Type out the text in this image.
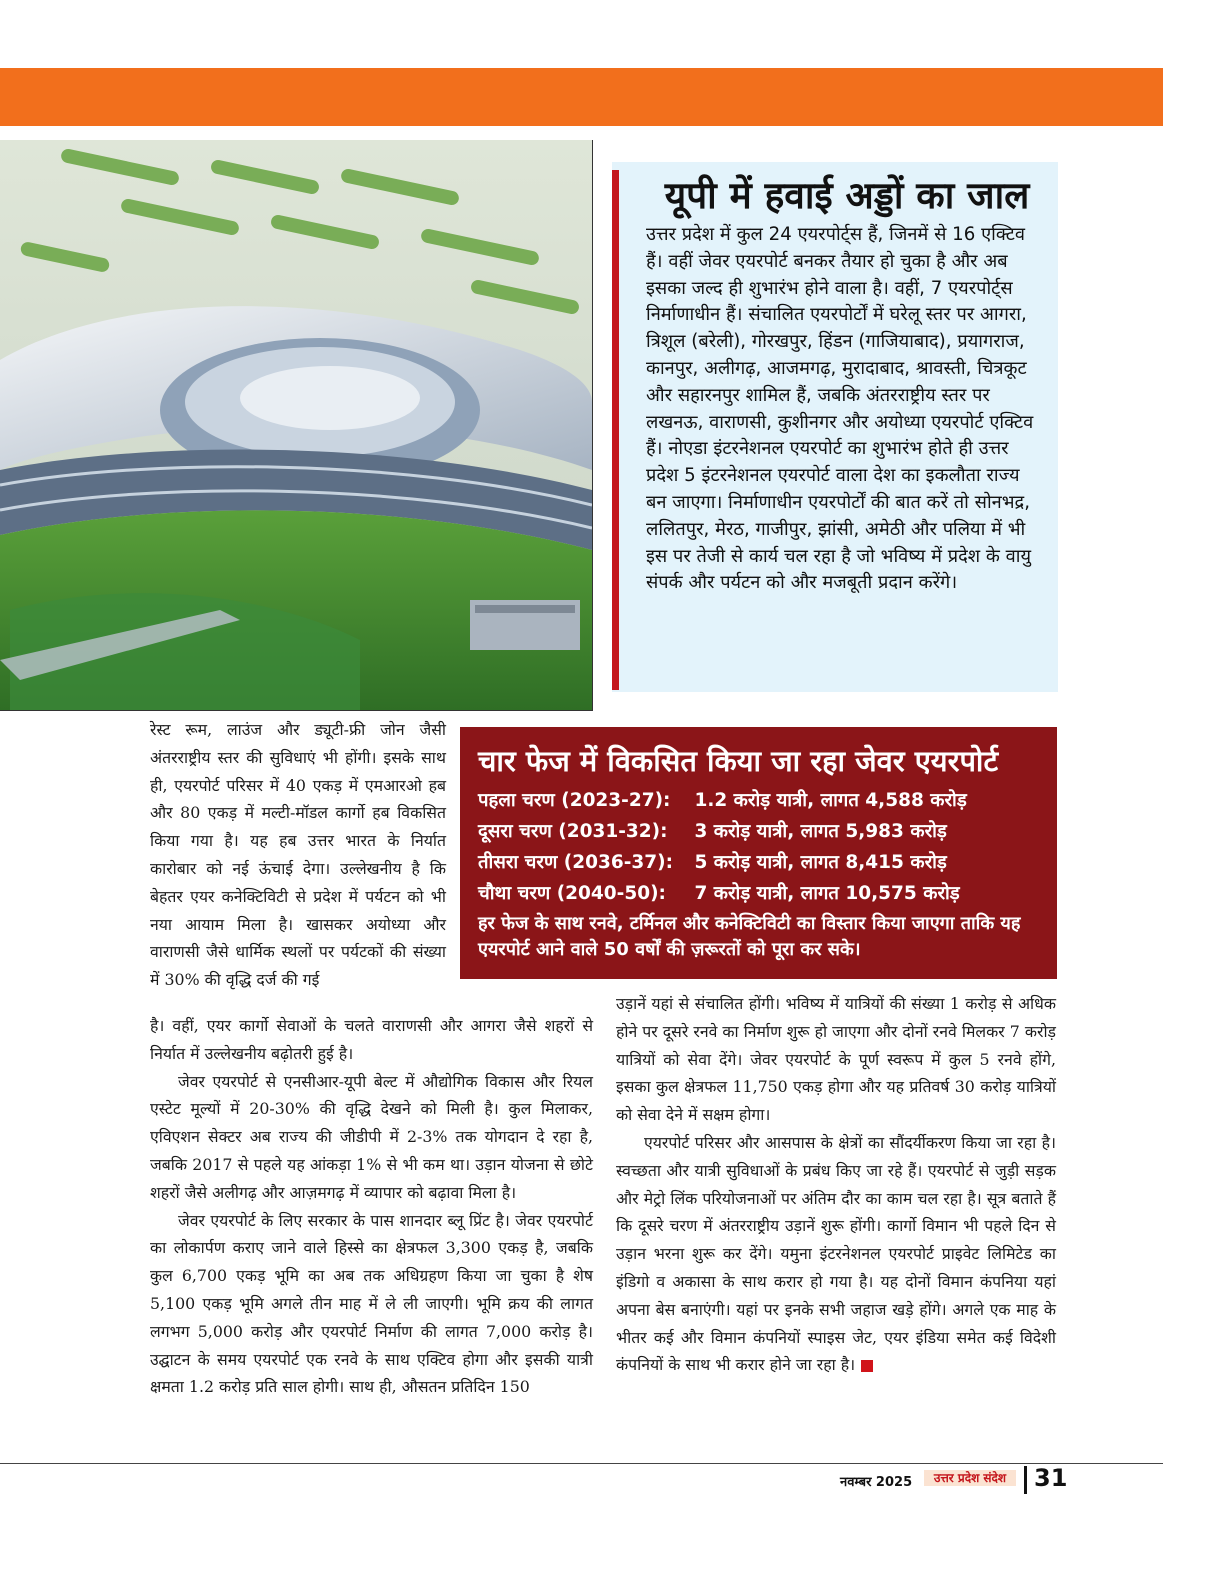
यूपी में हवाई अड्डों का जाल

उत्तर प्रदेश में कुल 24 एयरपोर्ट्स हैं, जिनमें से 16 एक्टिव हैं। वहीं जेवर एयरपोर्ट बनकर तैयार हो चुका है और अब इसका जल्द ही शुभारंभ होने वाला है। वहीं, 7 एयरपोर्ट्स निर्माणाधीन हैं। संचालित एयरपोर्टों में घरेलू स्तर पर आगरा, त्रिशूल (बरेली), गोरखपुर, हिंडन (गाजियाबाद), प्रयागराज, कानपुर, अलीगढ़, आजमगढ़, मुरादाबाद, श्रावस्ती, चित्रकूट और सहारनपुर शामिल हैं, जबकि अंतरराष्ट्रीय स्तर पर लखनऊ, वाराणसी, कुशीनगर और अयोध्या एयरपोर्ट एक्टिव हैं। नोएडा इंटरनेशनल एयरपोर्ट का शुभारंभ होते ही उत्तर प्रदेश 5 इंटरनेशनल एयरपोर्ट वाला देश का इकलौता राज्य बन जाएगा। निर्माणाधीन एयरपोर्टों की बात करें तो सोनभद्र, ललितपुर, मेरठ, गाजीपुर, झांसी, अमेठी और पलिया में भी इस पर तेजी से कार्य चल रहा है जो भविष्य में प्रदेश के वायु संपर्क और पर्यटन को और मजबूती प्रदान करेंगे।

चार फेज में विकसित किया जा रहा जेवर एयरपोर्ट
पहला चरण (2023-27): 1.2 करोड़ यात्री, लागत 4,588 करोड़
दूसरा चरण (2031-32): 3 करोड़ यात्री, लागत 5,983 करोड़
तीसरा चरण (2036-37): 5 करोड़ यात्री, लागत 8,415 करोड़
चौथा चरण (2040-50): 7 करोड़ यात्री, लागत 10,575 करोड़

हर फेज के साथ रनवे, टर्मिनल और कनेक्टिविटी का विस्तार किया जाएगा ताकि यह एयरपोर्ट आने वाले 50 वर्षों की ज़रूरतों को पूरा कर सके।

रेस्ट रूम, लाउंज और ड्यूटी-फ्री जोन जैसी अंतरराष्ट्रीय स्तर की सुविधाएं भी होंगी। इसके साथ ही, एयरपोर्ट परिसर में 40 एकड़ में एमआरओ हब और 80 एकड़ में मल्टी-मॉडल कार्गो हब विकसित किया गया है। यह हब उत्तर भारत के निर्यात कारोबार को नई ऊंचाई देगा। उल्लेखनीय है कि बेहतर एयर कनेक्टिविटी से प्रदेश में पर्यटन को भी नया आयाम मिला है। खासकर अयोध्या और वाराणसी जैसे धार्मिक स्थलों पर पर्यटकों की संख्या में 30% की वृद्धि दर्ज की गई

है। वहीं, एयर कार्गो सेवाओं के चलते वाराणसी और आगरा जैसे शहरों से निर्यात में उल्लेखनीय बढ़ोतरी हुई है।

जेवर एयरपोर्ट से एनसीआर-यूपी बेल्ट में औद्योगिक विकास और रियल एस्टेट मूल्यों में 20-30% की वृद्धि देखने को मिली है। कुल मिलाकर, एविएशन सेक्टर अब राज्य की जीडीपी में 2-3% तक योगदान दे रहा है, जबकि 2017 से पहले यह आंकड़ा 1% से भी कम था। उड़ान योजना से छोटे शहरों जैसे अलीगढ़ और आज़मगढ़ में व्यापार को बढ़ावा मिला है।

जेवर एयरपोर्ट के लिए सरकार के पास शानदार ब्लू प्रिंट है। जेवर एयरपोर्ट का लोकार्पण कराए जाने वाले हिस्से का क्षेत्रफल 3,300 एकड़ है, जबकि कुल 6,700 एकड़ भूमि का अब तक अधिग्रहण किया जा चुका है शेष 5,100 एकड़ भूमि अगले तीन माह में ले ली जाएगी। भूमि क्रय की लागत लगभग 5,000 करोड़ और एयरपोर्ट निर्माण की लागत 7,000 करोड़ है। उद्घाटन के समय एयरपोर्ट एक रनवे के साथ एक्टिव होगा और इसकी यात्री क्षमता 1.2 करोड़ प्रति साल होगी। साथ ही, औसतन प्रतिदिन 150

उड़ानें यहां से संचालित होंगी। भविष्य में यात्रियों की संख्या 1 करोड़ से अधिक होने पर दूसरे रनवे का निर्माण शुरू हो जाएगा और दोनों रनवे मिलकर 7 करोड़ यात्रियों को सेवा देंगे। जेवर एयरपोर्ट के पूर्ण स्वरूप में कुल 5 रनवे होंगे, इसका कुल क्षेत्रफल 11,750 एकड़ होगा और यह प्रतिवर्ष 30 करोड़ यात्रियों को सेवा देने में सक्षम होगा।

एयरपोर्ट परिसर और आसपास के क्षेत्रों का सौंदर्यीकरण किया जा रहा है। स्वच्छता और यात्री सुविधाओं के प्रबंध किए जा रहे हैं। एयरपोर्ट से जुड़ी सड़क और मेट्रो लिंक परियोजनाओं पर अंतिम दौर का काम चल रहा है। सूत्र बताते हैं कि दूसरे चरण में अंतरराष्ट्रीय उड़ानें शुरू होंगी। कार्गो विमान भी पहले दिन से उड़ान भरना शुरू कर देंगे। यमुना इंटरनेशनल एयरपोर्ट प्राइवेट लिमिटेड का इंडिगो व अकासा के साथ करार हो गया है। यह दोनों विमान कंपनिया यहां अपना बेस बनाएंगी। यहां पर इनके सभी जहाज खड़े होंगे। अगले एक माह के भीतर कई और विमान कंपनियों स्पाइस जेट, एयर इंडिया समेत कई विदेशी कंपनियों के साथ भी करार होने जा रहा है।

नवम्बर 2025	उत्तर प्रदेश संदेश	31
